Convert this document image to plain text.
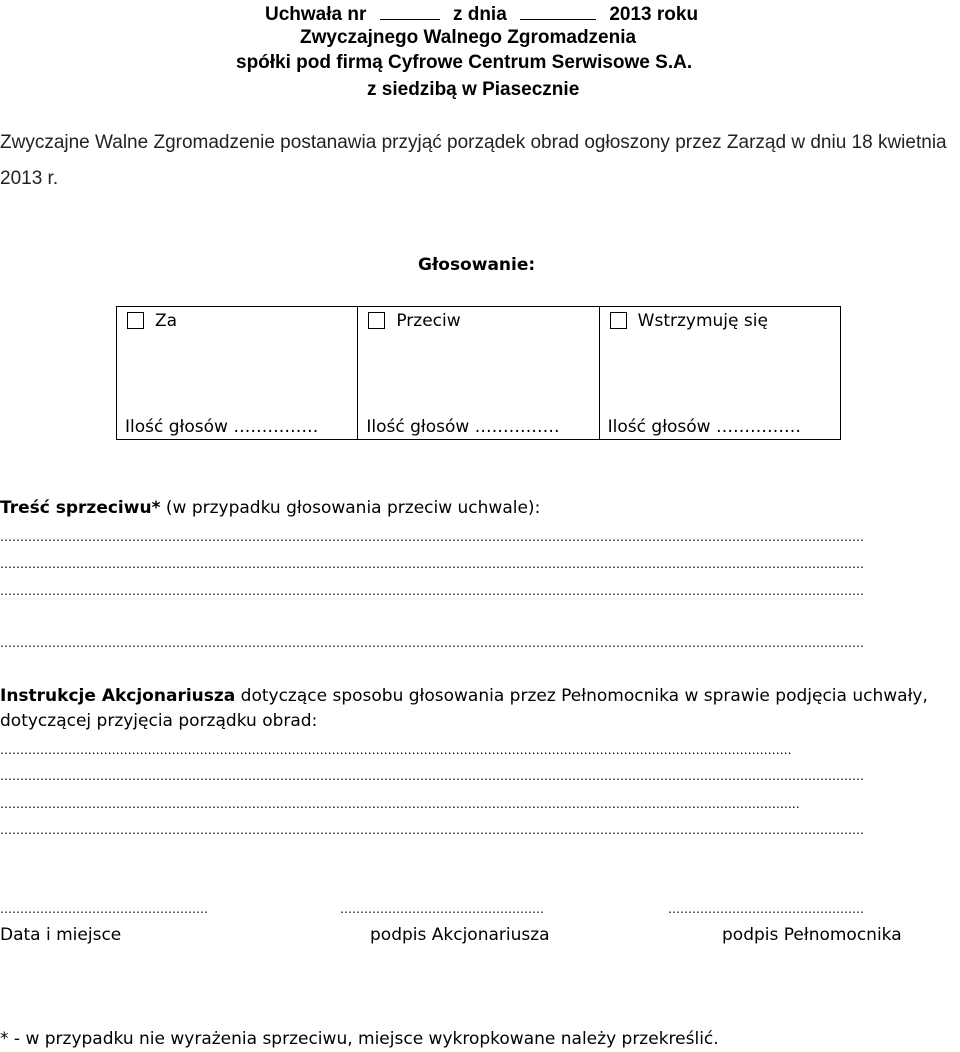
Uchwała nr	z dnia	2013 roku
Zwyczajnego Walnego Zgromadzenia
spółki pod firmą Cyfrowe Centrum Serwisowe S.A.
z siedzibą w Piasecznie
Zwyczajne Walne Zgromadzenie postanawia przyjąć porządek obrad ogłoszony przez Zarząd w dniu 18 kwietnia
2013 r.
Głosowanie:
Za
Ilość głosów ……………

Przeciw
Ilość głosów ……………

Wstrzymuję się
Ilość głosów ……………
Treść sprzeciwu* (w przypadku głosowania przeciw uchwale):
………………………………………………………………………………………………………………………………………………………………………………………………
………………………………………………………………………………………………………………………………………………………………………………………………
………………………………………………………………………………………………………………………………………………………………………………………………
………………………………………………………………………………………………………………………………………………………………………………………………
Instrukcje Akcjonariusza dotyczące sposobu głosowania przez Pełnomocnika w sprawie podjęcia uchwały,
dotyczącej przyjęcia porządku obrad:
…………………..………………………………………………………………………………………………………………………………………………………….
………………………………………………………………………………………………………………………………………………………………………………………………
……………………………………………….……………………………………………………………………………………………………………………………….
………………………………………………………………………………………………………………………………………………………………………………………………
…………………………………………….	……………………………………………	………………………………………….
Data i miejsce	podpis Akcjonariusza	podpis Pełnomocnika
* - w przypadku nie wyrażenia sprzeciwu, miejsce wykropkowane należy przekreślić.
